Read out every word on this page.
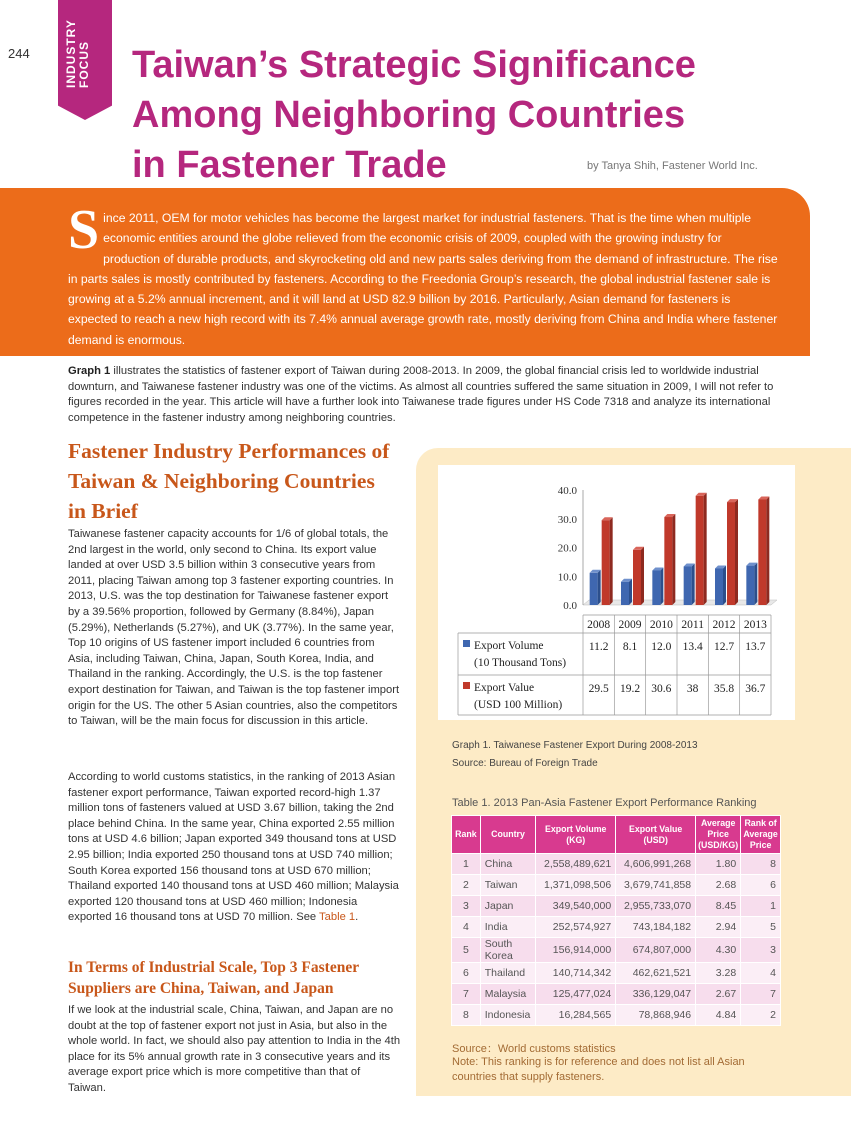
244	INDUSTRY FOCUS Taiwan’s Strategic Significance
Among Neighboring Countries
in Fastener Trade	by Tanya Shih, Fastener World Inc.

Since 2011, OEM for motor vehicles has become the largest market for industrial fasteners. That is the time when multiple economic entities around the globe relieved from the economic crisis of 2009, coupled with the growing industry for production of durable products, and skyrocketing old and new parts sales deriving from the demand of infrastructure. The rise in parts sales is mostly contributed by fasteners. According to the Freedonia Group’s research, the global industrial fastener sale is growing at a 5.2% annual increment, and it will land at USD 82.9 billion by 2016. Particularly, Asian demand for fasteners is expected to reach a new high record with its 7.4% annual average growth rate, mostly deriving from China and India where fastener demand is enormous.

Graph 1 illustrates the statistics of fastener export of Taiwan during 2008-2013. In 2009, the global financial crisis led to worldwide industrial downturn, and Taiwanese fastener industry was one of the victims. As almost all countries suffered the same situation in 2009, I will not refer to figures recorded in the year. This article will have a further look into Taiwanese trade figures under HS Code 7318 and analyze its international competence in the fastener industry among neighboring countries.

Fastener Industry Performances of Taiwan & Neighboring Countries in Brief

Taiwanese fastener capacity accounts for 1/6 of global totals, the 2nd largest in the world, only second to China. Its export value landed at over USD 3.5 billion within 3 consecutive years from 2011, placing Taiwan among top 3 fastener exporting countries. In 2013, U.S. was the top destination for Taiwanese fastener export by a 39.56% proportion, followed by Germany (8.84%), Japan (5.29%), Netherlands (5.27%), and UK (3.77%). In the same year, Top 10 origins of US fastener import included 6 countries from Asia, including Taiwan, China, Japan, South Korea, India, and Thailand in the ranking. Accordingly, the U.S. is the top fastener export destination for Taiwan, and Taiwan is the top fastener import origin for the US. The other 5 Asian countries, also the competitors to Taiwan, will be the main focus for discussion in this article.

According to world customs statistics, in the ranking of 2013 Asian fastener export performance, Taiwan exported record-high 1.37 million tons of fasteners valued at USD 3.67 billion, taking the 2nd place behind China. In the same year, China exported 2.55 million tons at USD 4.6 billion; Japan exported 349 thousand tons at USD 2.95 billion; India exported 250 thousand tons at USD 740 million; South Korea exported 156 thousand tons at USD 670 million; Thailand exported 140 thousand tons at USD 460 million; Malaysia exported 120 thousand tons at USD 460 million; Indonesia exported 16 thousand tons at USD 70 million. See Table 1.

In Terms of Industrial Scale, Top 3 Fastener Suppliers are China, Taiwan, and Japan

If we look at the industrial scale, China, Taiwan, and Japan are no doubt at the top of fastener export not just in Asia, but also in the whole world. In fact, we should also pay attention to India in the 4th place for its 5% annual growth rate in 3 consecutive years and its average export price which is more competitive than that of Taiwan.

0.0
10.0
20.0
30.0
40.0
2008 2009 2010 2011 2012 2013
Export Volume
(10 Thousand Tons)
11.2 8.1 12.0 13.4 12.7 13.7
Export Value
(USD 100 Million)
29.5 19.2 30.6 38 35.8 36.7
Graph 1. Taiwanese Fastener Export During 2008-2013
Source: Bureau of Foreign Trade
Table 1. 2013 Pan-Asia Fastener Export Performance Ranking
Rank	Country	Export Volume (KG)	Export Value (USD)	Average Price (USD/KG)	Rank of Average Price
1	China	2,558,489,621	4,606,991,268	1.80	8
2	Taiwan	1,371,098,506	3,679,741,858	2.68	6
3	Japan	349,540,000	2,955,733,070	8.45	1
4	India	252,574,927	743,184,182	2.94	5
5	South Korea	156,914,000	674,807,000	4.30	3
6	Thailand	140,714,342	462,621,521	3.28	4
7	Malaysia	125,477,024	336,129,047	2.67	7
8	Indonesia	16,284,565	78,868,946	4.84	2
Source：World customs statistics
Note: This ranking is for reference and does not list all Asian countries that supply fasteners.
